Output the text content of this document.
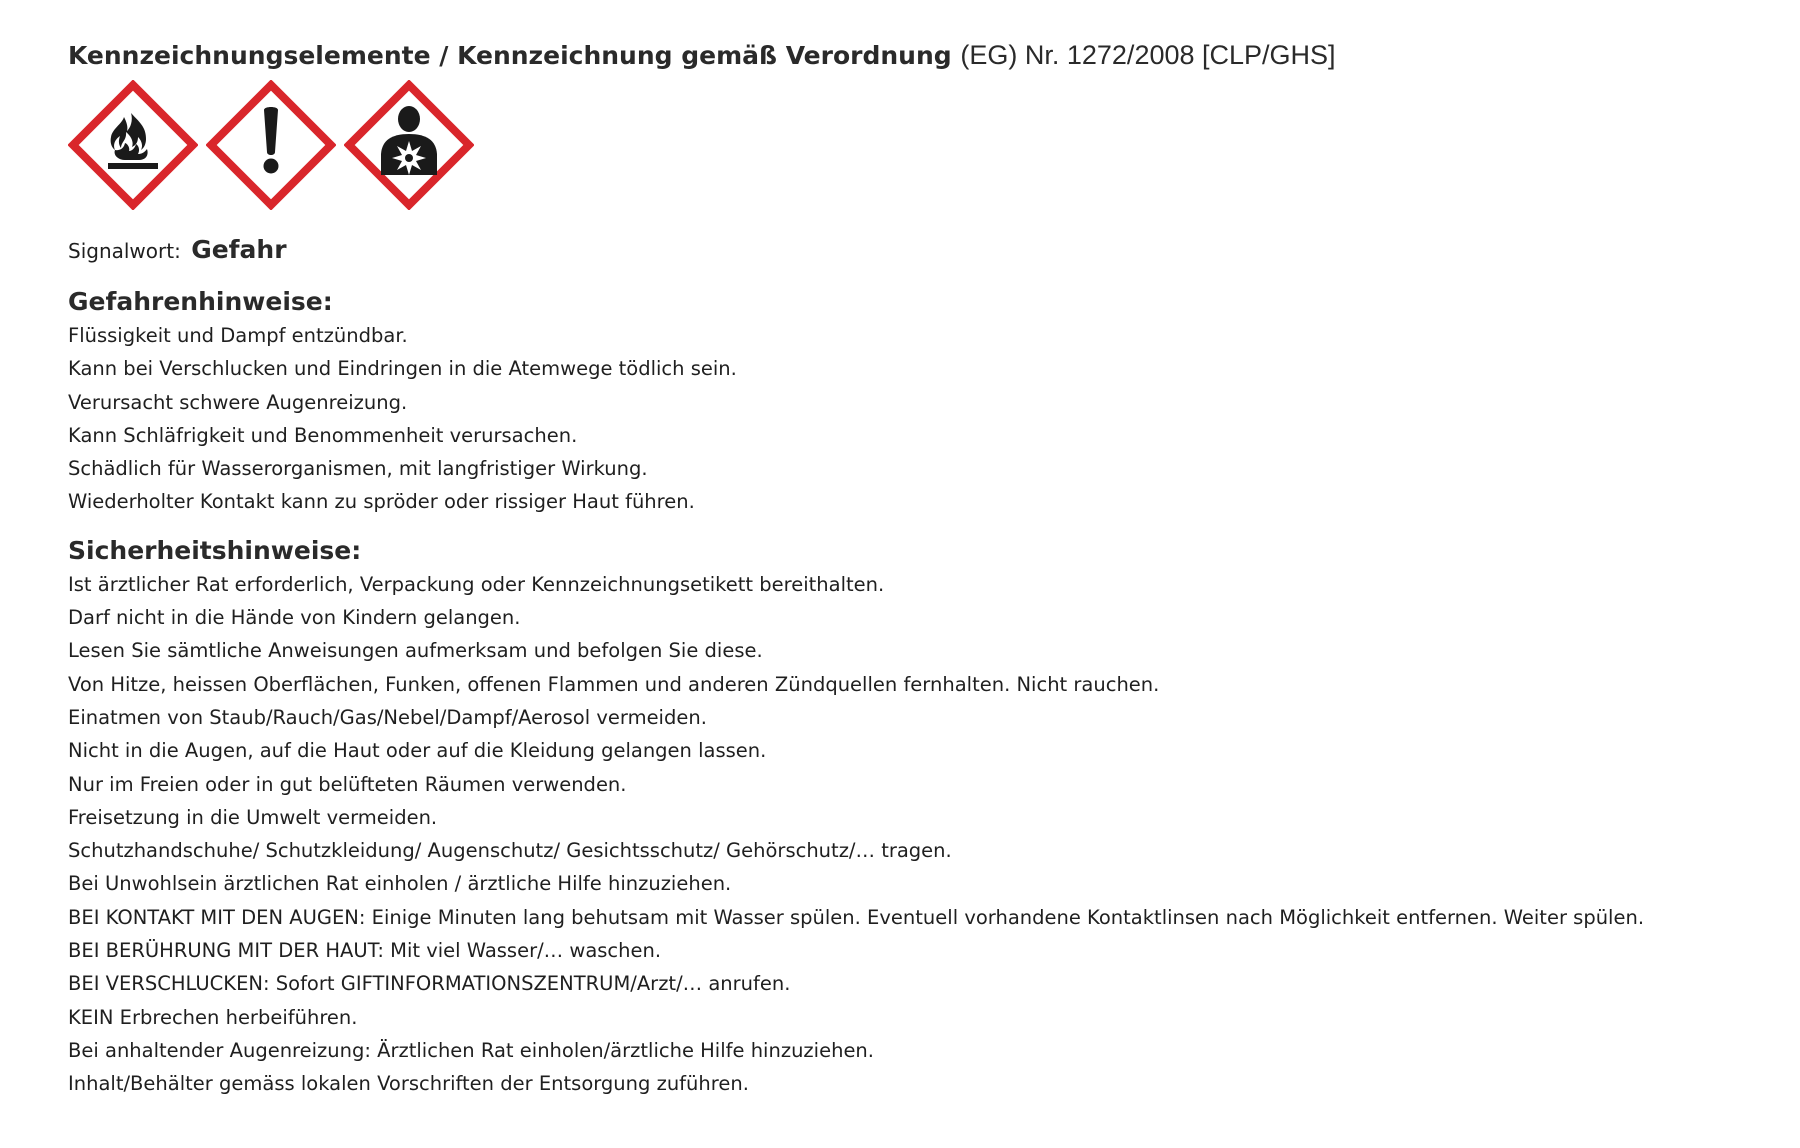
Kennzeichnungselemente / Kennzeichnung gemäß Verordnung (EG) Nr. 1272/2008 [CLP/GHS]
Signalwort: Gefahr
Gefahrenhinweise:
Flüssigkeit und Dampf entzündbar.
Kann bei Verschlucken und Eindringen in die Atemwege tödlich sein.
Verursacht schwere Augenreizung.
Kann Schläfrigkeit und Benommenheit verursachen.
Schädlich für Wasserorganismen, mit langfristiger Wirkung.
Wiederholter Kontakt kann zu spröder oder rissiger Haut führen.
Sicherheitshinweise:
Ist ärztlicher Rat erforderlich, Verpackung oder Kennzeichnungsetikett bereithalten.
Darf nicht in die Hände von Kindern gelangen.
Lesen Sie sämtliche Anweisungen aufmerksam und befolgen Sie diese.
Von Hitze, heissen Oberflächen, Funken, offenen Flammen und anderen Zündquellen fernhalten. Nicht rauchen.
Einatmen von Staub/Rauch/Gas/Nebel/Dampf/Aerosol vermeiden.
Nicht in die Augen, auf die Haut oder auf die Kleidung gelangen lassen.
Nur im Freien oder in gut belüfteten Räumen verwenden.
Freisetzung in die Umwelt vermeiden.
Schutzhandschuhe/ Schutzkleidung/ Augenschutz/ Gesichtsschutz/ Gehörschutz/… tragen.
Bei Unwohlsein ärztlichen Rat einholen / ärztliche Hilfe hinzuziehen.
BEI KONTAKT MIT DEN AUGEN: Einige Minuten lang behutsam mit Wasser spülen. Eventuell vorhandene Kontaktlinsen nach Möglichkeit entfernen. Weiter spülen.
BEI BERÜHRUNG MIT DER HAUT: Mit viel Wasser/… waschen.
BEI VERSCHLUCKEN: Sofort GIFTINFORMATIONSZENTRUM/Arzt/… anrufen.
KEIN Erbrechen herbeiführen.
Bei anhaltender Augenreizung: Ärztlichen Rat einholen/ärztliche Hilfe hinzuziehen.
Inhalt/Behälter gemäss lokalen Vorschriften der Entsorgung zuführen.
